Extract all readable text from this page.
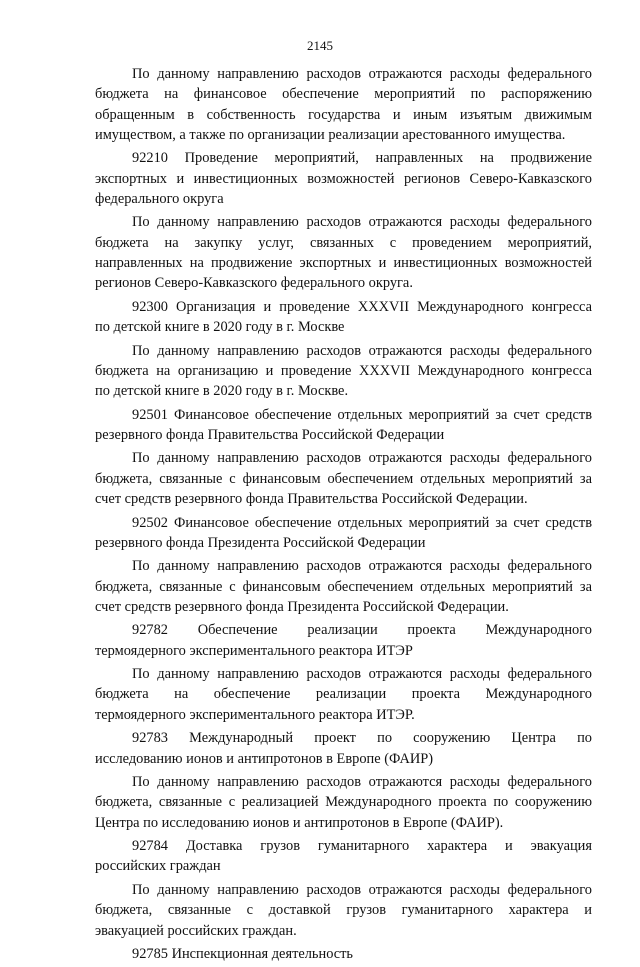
2145

По данному направлению расходов отражаются расходы федерального
бюджета на финансовое обеспечение мероприятий по распоряжению
обращенным в собственность государства и иным изъятым движимым
имуществом, а также по организации реализации арестованного имущества.

92210 Проведение мероприятий, направленных на продвижение
экспортных и инвестиционных возможностей регионов Северо-Кавказского
федерального округа

По данному направлению расходов отражаются расходы федерального
бюджета на закупку услуг, связанных с проведением мероприятий,
направленных на продвижение экспортных и инвестиционных возможностей
регионов Северо-Кавказского федерального округа.

92300 Организация и проведение XXXVII Международного конгресса
по детской книге в 2020 году в г. Москве

По данному направлению расходов отражаются расходы федерального
бюджета на организацию и проведение XXXVII Международного конгресса
по детской книге в 2020 году в г. Москве.

92501 Финансовое обеспечение отдельных мероприятий за счет средств
резервного фонда Правительства Российской Федерации

По данному направлению расходов отражаются расходы федерального
бюджета, связанные с финансовым обеспечением отдельных мероприятий за
счет средств резервного фонда Правительства Российской Федерации.

92502 Финансовое обеспечение отдельных мероприятий за счет средств
резервного фонда Президента Российской Федерации

По данному направлению расходов отражаются расходы федерального
бюджета, связанные с финансовым обеспечением отдельных мероприятий за
счет средств резервного фонда Президента Российской Федерации.

92782 Обеспечение реализации проекта Международного
термоядерного экспериментального реактора ИТЭР

По данному направлению расходов отражаются расходы федерального
бюджета на обеспечение реализации проекта Международного
термоядерного экспериментального реактора ИТЭР.

92783 Международный проект по сооружению Центра по
исследованию ионов и антипротонов в Европе (ФАИР)

По данному направлению расходов отражаются расходы федерального
бюджета, связанные с реализацией Международного проекта по сооружению
Центра по исследованию ионов и антипротонов в Европе (ФАИР).

92784 Доставка грузов гуманитарного характера и эвакуация
российских граждан

По данному направлению расходов отражаются расходы федерального
бюджета, связанные с доставкой грузов гуманитарного характера и
эвакуацией российских граждан.

92785 Инспекционная деятельность
